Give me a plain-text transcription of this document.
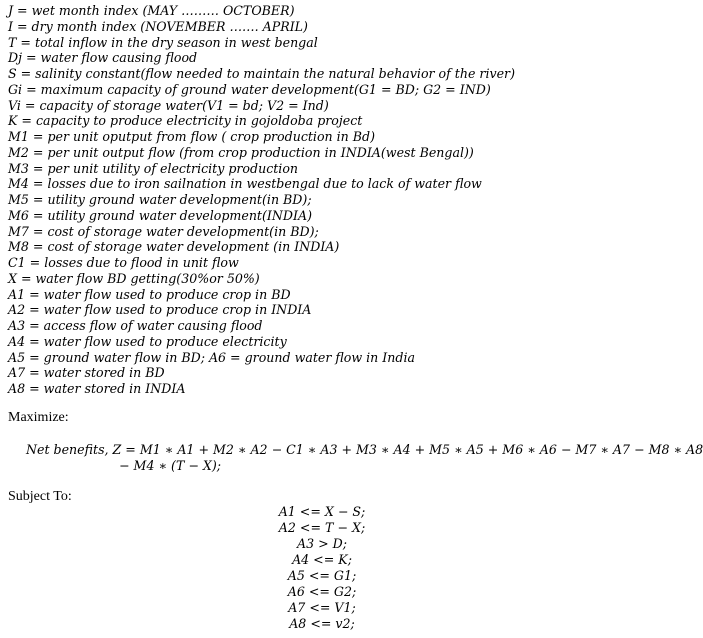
J = wet month index (MAY ……… OCTOBER)
I = dry month index (NOVEMBER ……. APRIL)
T = total inflow in the dry season in west bengal
Dj = water flow causing flood
S = salinity constant(flow needed to maintain the natural behavior of the river)
Gi = maximum capacity of ground water development(G1 = BD; G2 = IND)
Vi = capacity of storage water(V1 = bd; V2 = Ind)
K = capacity to produce electricity in gojoldoba project
M1 = per unit oputput from flow ( crop production in Bd)
M2 = per unit output flow (from crop production in INDIA(west Bengal))
M3 = per unit utility of electricity production
M4 = losses due to iron sailnation in westbengal due to lack of water flow
M5 = utility ground water development(in BD);
M6 = utility ground water development(INDIA)
M7 = cost of storage water development(in BD);
M8 = cost of storage water development (in INDIA)
C1 = losses due to flood in unit flow
X = water flow BD getting(30%or 50%)
A1 = water flow used to produce crop in BD
A2 = water flow used to produce crop in INDIA
A3 = access flow of water causing flood
A4 = water flow used to produce electricity
A5 = ground water flow in BD; A6 = ground water flow in India
A7 = water stored in BD
A8 = water stored in INDIA
Maximize:
Net benefits, Z = M1 ∗ A1 + M2 ∗ A2 − C1 ∗ A3 + M3 ∗ A4 + M5 ∗ A5 + M6 ∗ A6 − M7 ∗ A7 − M8 ∗ A8
− M4 ∗ (T − X);
Subject To:
A1 <= X − S;
A2 <= T − X;
A3 > D;
A4 <= K;
A5 <= G1;
A6 <= G2;
A7 <= V1;
A8 <= v2;
